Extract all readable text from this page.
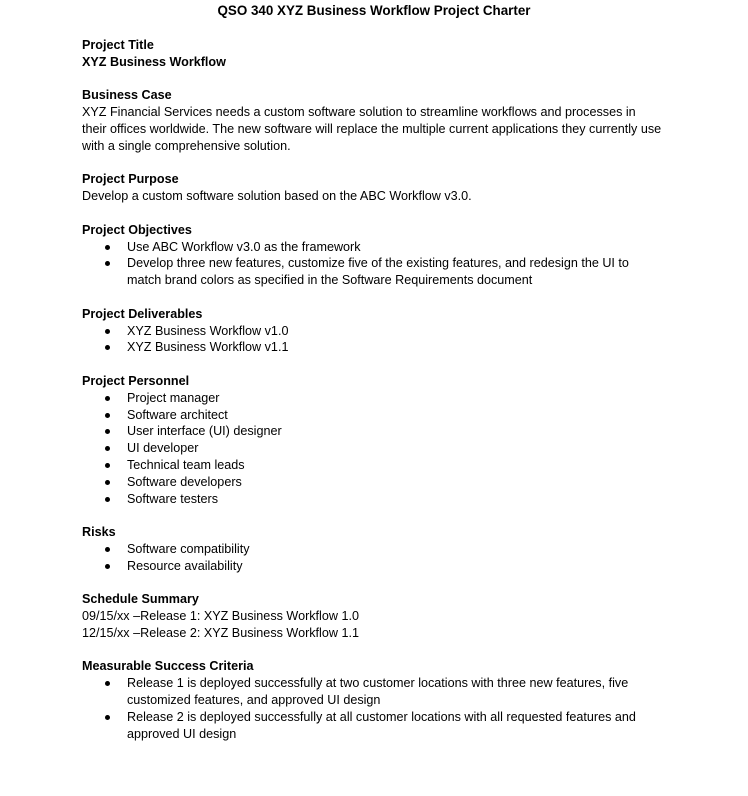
QSO 340 XYZ Business Workflow Project Charter
Project Title
XYZ Business Workflow
Business Case

XYZ Financial Services needs a custom software solution to streamline workflows and processes in their offices worldwide. The new software will replace the multiple current applications they currently use with a single comprehensive solution.

Project Purpose

Develop a custom software solution based on the ABC Workflow v3.0.

Project Objectives
Use ABC Workflow v3.0 as the framework
Develop three new features, customize five of the existing features, and redesign the UI to match brand colors as specified in the Software Requirements document
Project Deliverables
XYZ Business Workflow v1.0
XYZ Business Workflow v1.1
Project Personnel
Project manager
Software architect
User interface (UI) designer
UI developer
Technical team leads
Software developers
Software testers
Risks
Software compatibility
Resource availability
Schedule Summary
09/15/xx –Release 1: XYZ Business Workflow 1.0
12/15/xx –Release 2: XYZ Business Workflow 1.1
Measurable Success Criteria
Release 1 is deployed successfully at two customer locations with three new features, five customized features, and approved UI design
Release 2 is deployed successfully at all customer locations with all requested features and approved UI design
